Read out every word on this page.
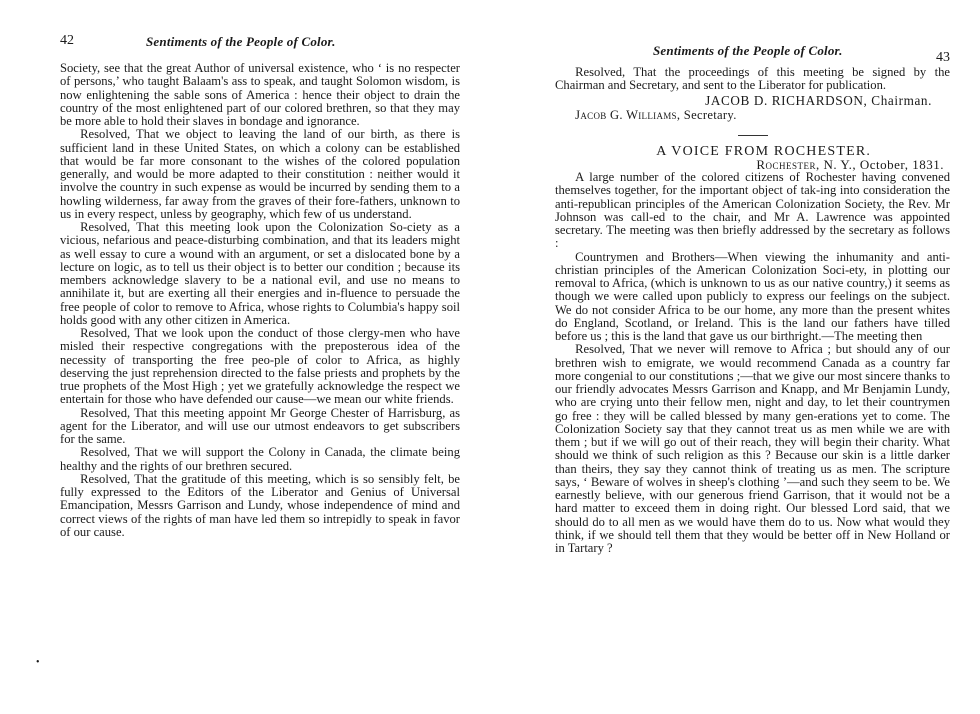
42	Sentiments of the People of Color.

Society, see that the great Author of universal existence, who ‘ is no respecter of persons,’ who taught Balaam's ass to speak, and taught Solomon wisdom, is now enlightening the sable sons of America : hence their object to drain the country of the most enlightened part of our colored brethren, so that they may be more able to hold their slaves in bondage and ignorance.

Resolved, That we object to leaving the land of our birth, as there is sufficient land in these United States, on which a colony can be established that would be far more consonant to the wishes of the colored population generally, and would be more adapted to their constitution : neither would it involve the country in such expense as would be incurred by sending them to a howling wilderness, far away from the graves of their fore-fathers, unknown to us in every respect, unless by geography, which few of us understand.

Resolved, That this meeting look upon the Colonization So-ciety as a vicious, nefarious and peace-disturbing combination, and that its leaders might as well essay to cure a wound with an argument, or set a dislocated bone by a lecture on logic, as to tell us their object is to better our condition ; because its members acknowledge slavery to be a national evil, and use no means to annihilate it, but are exerting all their energies and in-fluence to persuade the free people of color to remove to Africa, whose rights to Columbia's happy soil holds good with any other citizen in America.

Resolved, That we look upon the conduct of those clergy-men who have misled their respective congregations with the preposterous idea of the necessity of transporting the free peo-ple of color to Africa, as highly deserving the just reprehension directed to the false priests and prophets by the true prophets of the Most High ; yet we gratefully acknowledge the respect we entertain for those who have defended our cause—we mean our white friends.

Resolved, That this meeting appoint Mr George Chester of Harrisburg, as agent for the Liberator, and will use our utmost endeavors to get subscribers for the same.

Resolved, That we will support the Colony in Canada, the climate being healthy and the rights of our brethren secured.

Resolved, That the gratitude of this meeting, which is so sensibly felt, be fully expressed to the Editors of the Liberator and Genius of Universal Emancipation, Messrs Garrison and Lundy, whose independence of mind and correct views of the rights of man have led them so intrepidly to speak in favor of our cause.

•
Sentiments of the People of Color.	43

Resolved, That the proceedings of this meeting be signed by the Chairman and Secretary, and sent to the Liberator for publication.

JACOB D. RICHARDSON, Chairman.

Jacob G. Williams, Secretary.

A VOICE FROM ROCHESTER.

Rochester, N. Y., October, 1831.

A large number of the colored citizens of Rochester having convened themselves together, for the important object of tak-ing into consideration the anti-republican principles of the American Colonization Society, the Rev. Mr Johnson was call-ed to the chair, and Mr A. Lawrence was appointed secretary. The meeting was then briefly addressed by the secretary as follows :

Countrymen and Brothers—When viewing the inhumanity and anti-christian principles of the American Colonization Soci-ety, in plotting our removal to Africa, (which is unknown to us as our native country,) it seems as though we were called upon publicly to express our feelings on the subject. We do not consider Africa to be our home, any more than the present whites do England, Scotland, or Ireland. This is the land our fathers have tilled before us ; this is the land that gave us our birthright.—The meeting then

Resolved, That we never will remove to Africa ; but should any of our brethren wish to emigrate, we would recommend Canada as a country far more congenial to our constitutions ;—that we give our most sincere thanks to our friendly advocates Messrs Garrison and Knapp, and Mr Benjamin Lundy, who are crying unto their fellow men, night and day, to let their countrymen go free : they will be called blessed by many gen-erations yet to come. The Colonization Society say that they cannot treat us as men while we are with them ; but if we will go out of their reach, they will begin their charity. What should we think of such religion as this ? Because our skin is a little darker than theirs, they say they cannot think of treating us as men. The scripture says, ‘ Beware of wolves in sheep's clothing ’—and such they seem to be. We earnestly believe, with our generous friend Garrison, that it would not be a hard matter to exceed them in doing right. Our blessed Lord said, that we should do to all men as we would have them do to us. Now what would they think, if we should tell them that they would be better off in New Holland or in Tartary ?
